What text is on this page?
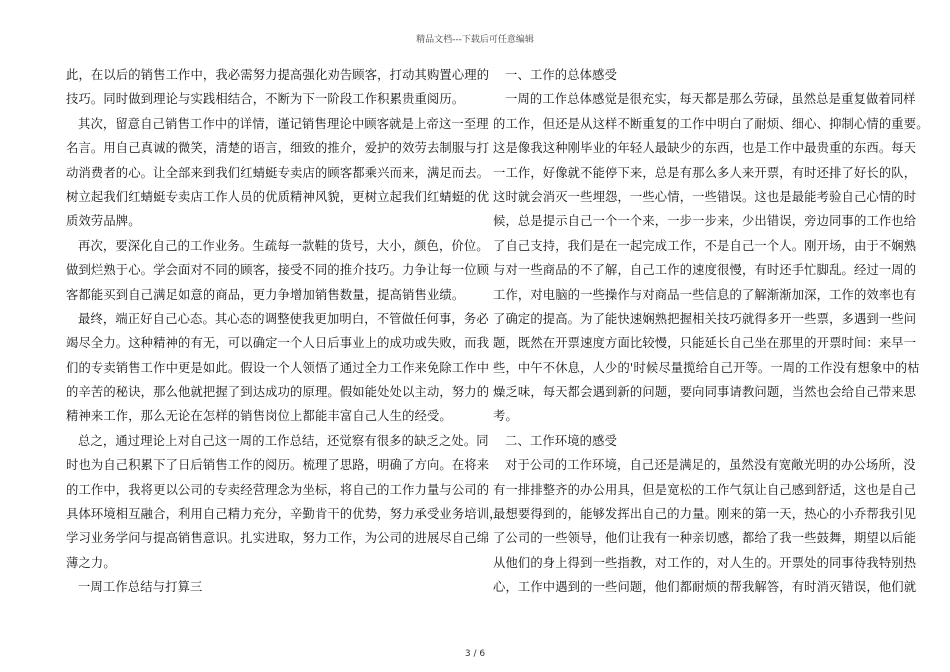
精品文档---下载后可任意编辑
此，在以后的销售工作中，我必需努力提高强化劝告顾客，打动其购置心理的
技巧。同时做到理论与实践相结合，不断为下一阶段工作积累贵重阅历。
其次，留意自己销售工作中的详情，谨记销售理论中顾客就是上帝这一至理
名言。用自己真诚的微笑，清楚的语言，细致的推介，爱护的效劳去制服与打
动消费者的心。让全部来到我们红蜻蜓专卖店的顾客都乘兴而来，满足而去。
树立起我们红蜻蜓专卖店工作人员的优质精神风貌，更树立起我们红蜻蜓的优
质效劳品牌。
再次，要深化自己的工作业务。生疏每一款鞋的货号，大小，颜色，价位。
做到烂熟于心。学会面对不同的顾客，接受不同的推介技巧。力争让每一位顾
客都能买到自己满足如意的商品，更力争增加销售数量，提高销售业绩。
最终，端正好自己心态。其心态的调整使我更加明白，不管做任何事，务必
竭尽全力。这种精神的有无，可以确定一个人日后事业上的成功或失败，而我
们的专卖销售工作中更是如此。假设一个人领悟了通过全力工作来免除工作中
的辛苦的秘诀，那么他就把握了到达成功的原理。假如能处处以主动，努力的
精神来工作，那么无论在怎样的销售岗位上都能丰富自己人生的经受。
总之，通过理论上对自己这一周的工作总结，还觉察有很多的缺乏之处。同
时也为自己积累下了日后销售工作的阅历。梳理了思路，明确了方向。在将来
的工作中，我将更以公司的专卖经营理念为坐标，将自己的工作力量与公司的
具体环境相互融合，利用自己精力充分，辛勤肯干的优势，努力承受业务培训，
学习业务学问与提高销售意识。扎实进取，努力工作，为公司的进展尽自己绵
薄之力。
一周工作总结与打算三
一、工作的总体感受
一周的工作总体感觉是很充实，每天都是那么劳碌，虽然总是重复做着同样
的工作，但还是从这样不断重复的工作中明白了耐烦、细心、抑制心情的重要。
这是像我这种刚毕业的年轻人最缺少的东西，也是工作中最贵重的东西。每天
一工作，好像就不能停下来，总是有那么多人来开票，有时还排了好长的队，
这时就会消灭一些埋怨，一些心情，一些错误。这也是最能考验自己心情的时
候，总是提示自己一个一个来，一步一步来，少出错误，旁边同事的工作也给
了自己支持，我们是在一起完成工作，不是自己一个人。刚开场，由于不娴熟
与对一些商品的不了解，自己工作的速度很慢，有时还手忙脚乱。经过一周的
工作，对电脑的一些操作与对商品一些信息的了解渐渐加深，工作的效率也有
了确定的提高。为了能快速娴熟把握相关技巧就得多开一些票，多遇到一些问
题，既然在开票速度方面比较慢，只能延长自己坐在那里的开票时间：来早一
些，中午不休息，人少的'时候尽量揽给自己开等。一周的工作没有想象中的枯
燥乏味，每天都会遇到新的问题，要向同事请教问题，当然也会给自己带来思
考。
二、工作环境的感受
对于公司的工作环境，自己还是满足的，虽然没有宽敞光明的办公场所，没
有一排排整齐的办公用具，但是宽松的工作气氛让自己感到舒适，这也是自己
最想要得到的，能够发挥出自己的力量。刚来的第一天，热心的小乔帮我引见
了公司的一些领导，他们让我有一种亲切感，都给了我一些鼓舞，期望以后能
从他们的身上得到一些指教，对工作的，对人生的。开票处的同事待我特别热
心，工作中遇到的一些问题，他们都耐烦的帮我解答，有时消灭错误，他们就
3 / 6
